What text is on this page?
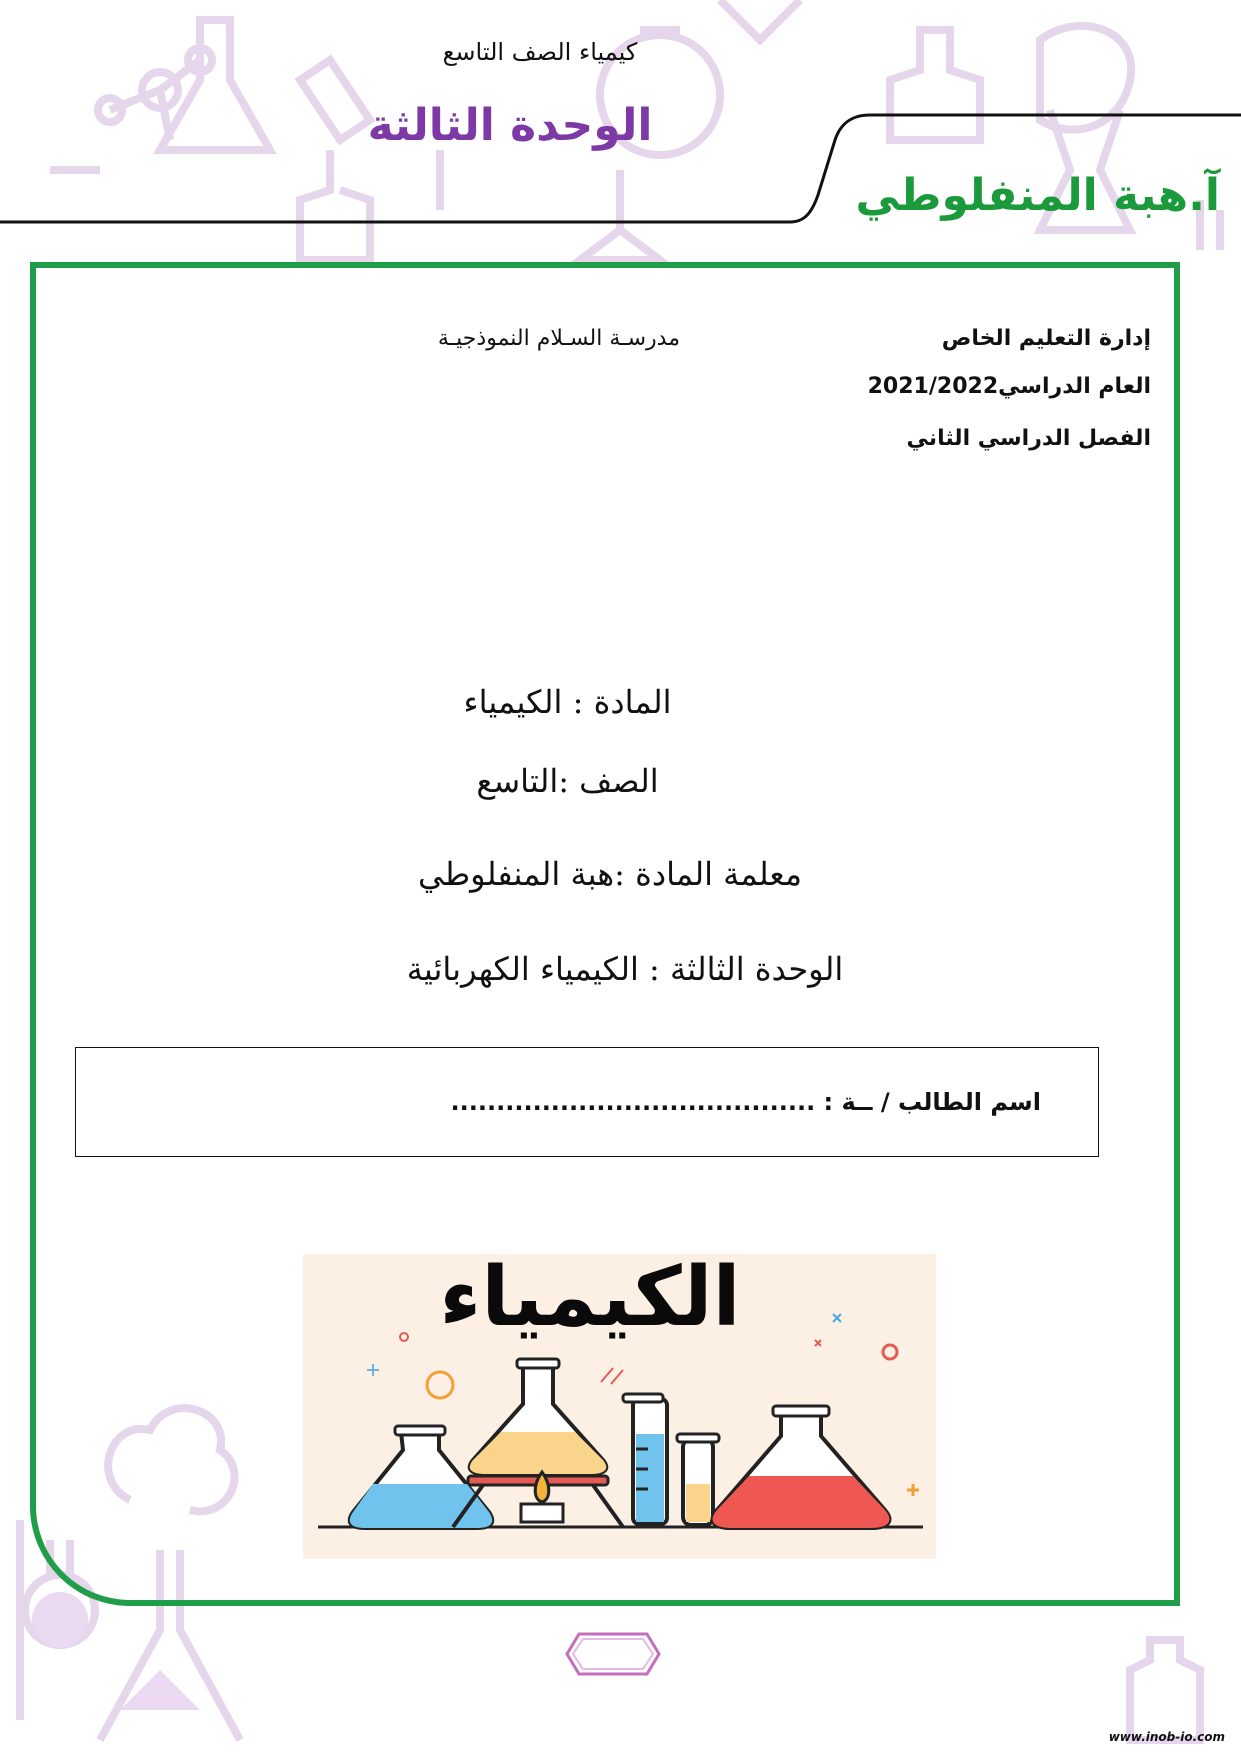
كيمياء الصف التاسع
الوحدة الثالثة
آ.هبة المنفلوطي
إدارة التعليم الخاص
العام الدراسي2021/2022
الفصل الدراسي الثاني
مدرسـة السـلام النموذجيـة
المادة : الكيمياء
الصف :التاسع
معلمة المادة :هبة المنفلوطي
الوحدة الثالثة : الكيمياء الكهربائية
اسم الطالب / ــة : ........................................
الكيمياء
www.inob-io.com
